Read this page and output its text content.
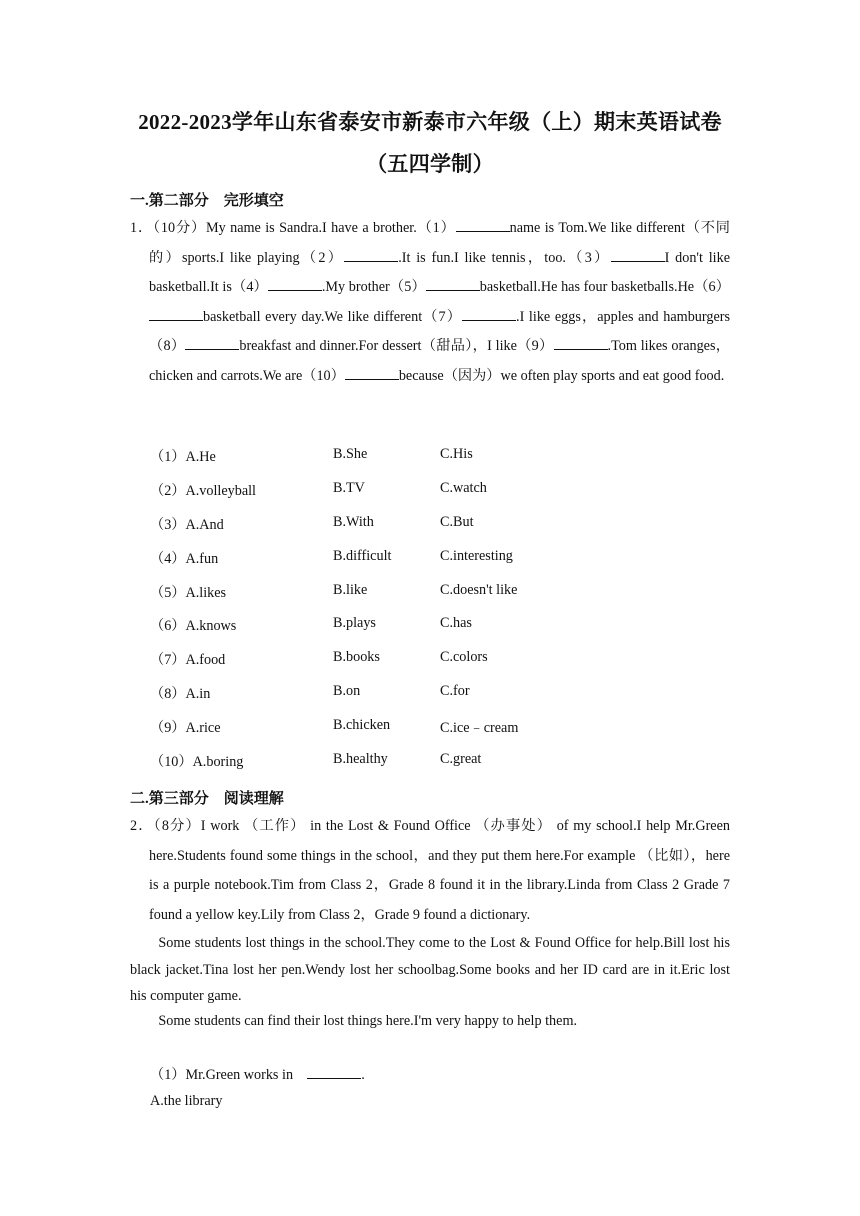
2022-2023学年山东省泰安市新泰市六年级（上）期末英语试卷
（五四学制）
一.第二部分　完形填空
1．（10分）My name is Sandra.I have a brother.（1）	name is Tom.We like different（不同的）sports.I like playing（2）	.It is fun.I like tennis，too.（3）	I don't like basketball.It is（4）	.My brother（5）	basketball.He has four basketballs.He（6）basketball every day.We like different（7）	.I like eggs，apples and hamburgers（8）	breakfast and dinner.For dessert（甜品），I like（9）	.Tom likes oranges，chicken and carrots.We are（10）	because（因为）we often play sports and eat good food.
（1）A.He	B.She	C.His
（2）A.volleyball	B.TV	C.watch
（3）A.And	B.With	C.But
（4）A.fun	B.difficult	C.interesting
（5）A.likes	B.like	C.doesn't like
（6）A.knows	B.plays	C.has
（7）A.food	B.books	C.colors
（8）A.in	B.on	C.for
（9）A.rice	B.chicken	C.ice﹣cream
（10）A.boring	B.healthy	C.great
二.第三部分　阅读理解
2．（8分）I work （工作） in the Lost & Found Office （办事处） of my school.I help Mr.Green here.Students found some things in the school，and they put them here.For example （比如），here is a purple notebook.Tim from Class 2，Grade 8 found it in the library.Linda from Class 2 Grade 7 found a yellow key.Lily from Class 2，Grade 9 found a dictionary.
Some students lost things in the school.They come to the Lost & Found Office for help.Bill lost his black jacket.Tina lost her pen.Wendy lost her schoolbag.Some books and her ID card are in it.Eric lost his computer game.
Some students can find their lost things here.I'm very happy to help them.
（1）Mr.Green works in　	.
A.the library
